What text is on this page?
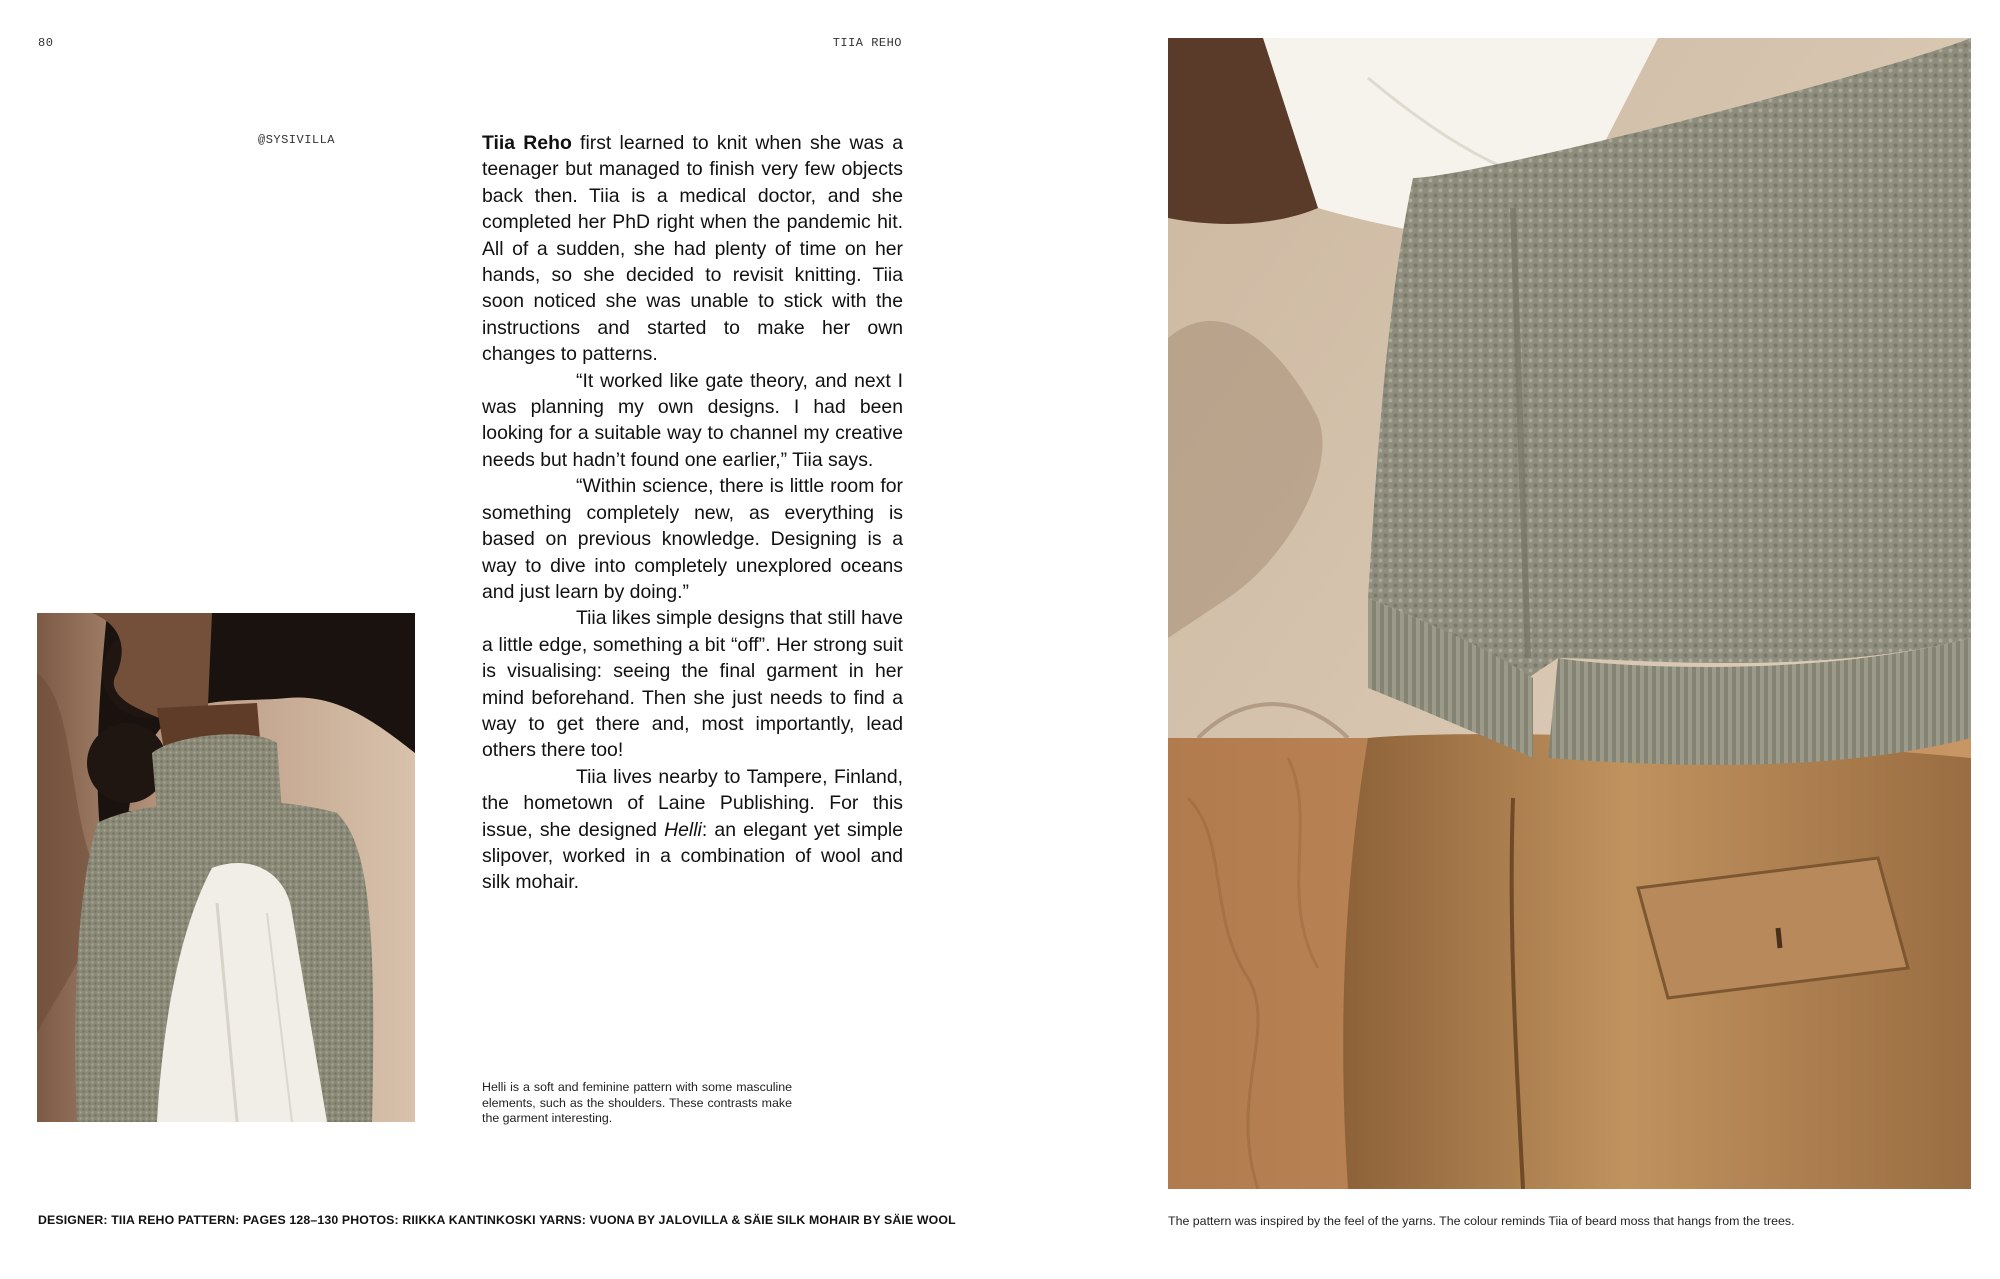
80	TIIA REHO
@SYSIVILLA	Tiia Reho first learned to knit when she was a teenager but managed to finish very few objects back then. Tiia is a medical doctor, and she completed her PhD right when the pandemic hit. All of a sudden, she had plenty of time on her hands, so she decided to revisit knitting. Tiia soon noticed she was unable to stick with the instructions and started to make her own changes to patterns.

“It worked like gate theory, and next I was planning my own designs. I had been looking for a suitable way to channel my creative needs but hadn’t found one earlier,” Tiia says.

“Within science, there is little room for something completely new, as everything is based on previous knowledge. Designing is a way to dive into completely unexplored oceans and just learn by doing.”

Tiia likes simple designs that still have a little edge, something a bit “off”. Her strong suit is visualising: seeing the final garment in her mind beforehand. Then she just needs to find a way to get there and, most importantly, lead others there too!

Tiia lives nearby to Tampere, Finland, the hometown of Laine Publishing. For this issue, she designed Helli: an elegant yet simple slipover, worked in a combination of wool and silk mohair.

Helli is a soft and feminine pattern with some masculine elements, such as the shoulders. These contrasts make the garment interesting.
DESIGNER: TIIA REHO PATTERN: PAGES 128–130 PHOTOS: RIIKKA KANTINKOSKI YARNS: VUONA BY JALOVILLA & SÄIE SILK MOHAIR BY SÄIE WOOL	The pattern was inspired by the feel of the yarns. The colour reminds Tiia of beard moss that hangs from the trees.
